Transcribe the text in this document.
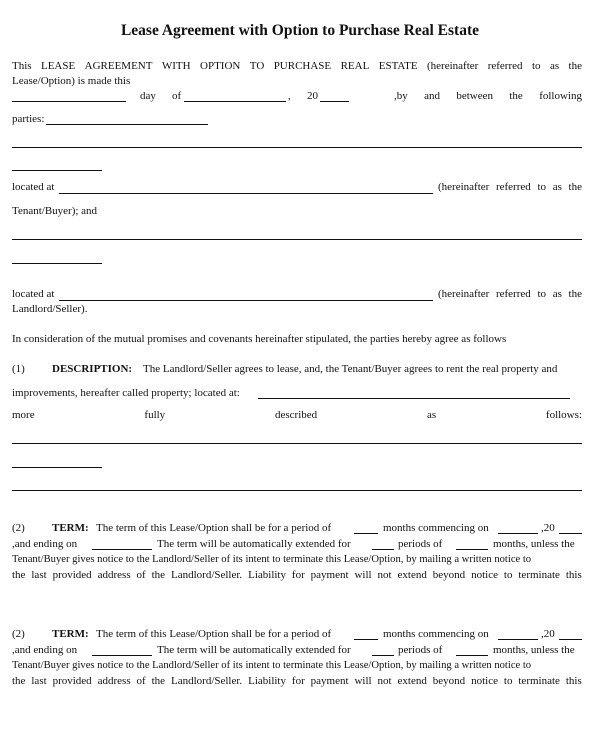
Lease Agreement with Option to Purchase Real Estate
This LEASE AGREEMENT WITH OPTION TO PURCHASE REAL ESTATE (hereinafter referred to as the
Lease/Option) is made this
day of	, 20	,by and between the following
parties:
located at	(hereinafter referred to as the
Tenant/Buyer); and
located at	(hereinafter referred to as the
Landlord/Seller).
In consideration of the mutual promises and covenants hereinafter stipulated, the parties hereby agree as follows
(1) DESCRIPTION: The Landlord/Seller agrees to lease, and, the Tenant/Buyer agrees to rent the real property and
improvements, hereafter called property; located at:
more	fully	described	as	follows:
(2) TERM: The term of this Lease/Option shall be for a period of	months commencing on	,20
,and ending on	The term will be automatically extended for	periods of	months, unless the
Tenant/Buyer gives notice to the Landlord/Seller of its intent to terminate this Lease/Option, by mailing a written notice to
the last provided address of the Landlord/Seller. Liability for payment will not extend beyond notice to terminate this
(2) TERM: The term of this Lease/Option shall be for a period of	months commencing on	,20
,and ending on	The term will be automatically extended for	periods of	months, unless the
Tenant/Buyer gives notice to the Landlord/Seller of its intent to terminate this Lease/Option, by mailing a written notice to
the last provided address of the Landlord/Seller. Liability for payment will not extend beyond notice to terminate this
